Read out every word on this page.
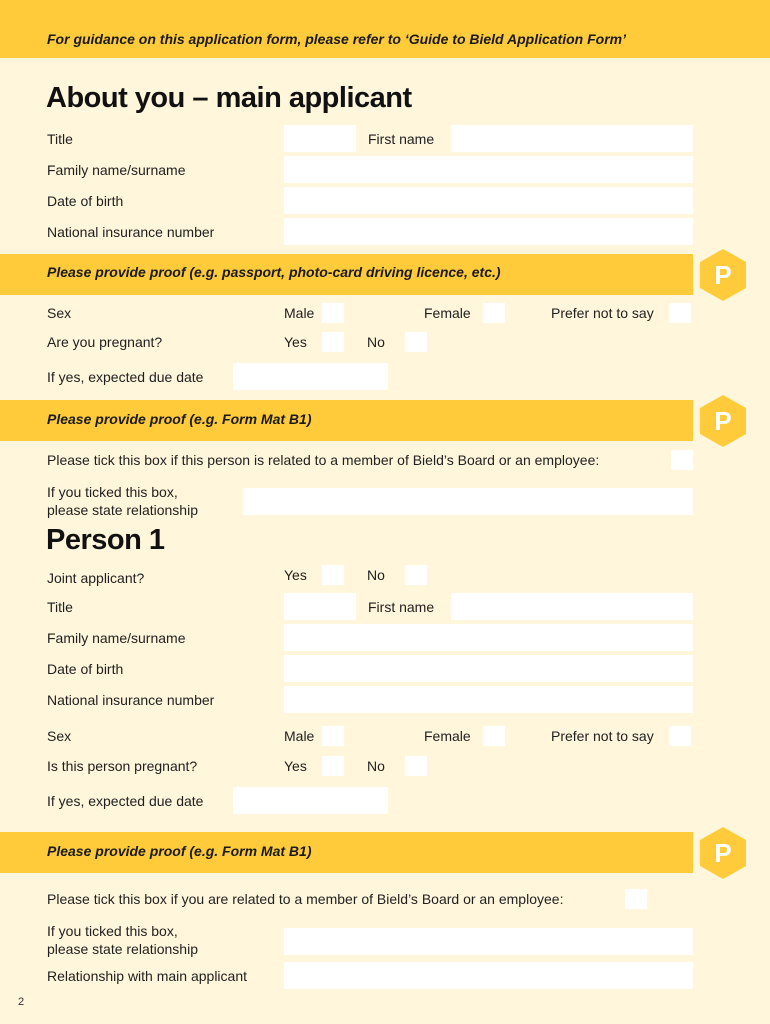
For guidance on this application form, please refer to ‘Guide to Bield Application Form’
About you – main applicant
Title	First name
Family name/surname
Date of birth
National insurance number
Please provide proof (e.g. passport, photo-card driving licence, etc.)	P
Sex	Male	Female	Prefer not to say
Are you pregnant?	Yes	No
If yes, expected due date
Please provide proof (e.g. Form Mat B1)	P
Please tick this box if this person is related to a member of Bield’s Board or an employee:
If you ticked this box,
please state relationship
Person 1
Joint applicant?	Yes	No
Title	First name
Family name/surname
Date of birth
National insurance number
Sex	Male	Female	Prefer not to say
Is this person pregnant?	Yes	No
If yes, expected due date
Please provide proof (e.g. Form Mat B1)	P
Please tick this box if you are related to a member of Bield’s Board or an employee:
If you ticked this box,
please state relationship
Relationship with main applicant
2
